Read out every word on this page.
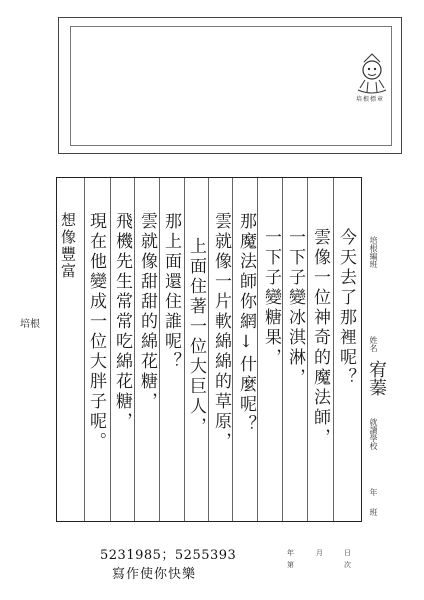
培根標章
今天去了那裡呢？
雲像一位神奇的魔法師，
一下子變冰淇淋，
一下子變糖果，
那魔法師你網↓什麼呢？
雲就像一片軟綿綿的草原，
上面住著一位大巨人，
那上面還住誰呢？
雲就像甜甜的綿花糖，
飛機先生常常吃綿花糖，
現在他變成一位大胖子呢。
想像豐富
培根
培根編班
姓名
宥蓁
就讀學校
年
班
年
第
月	日
次
5231985；5255393
寫作使你快樂
